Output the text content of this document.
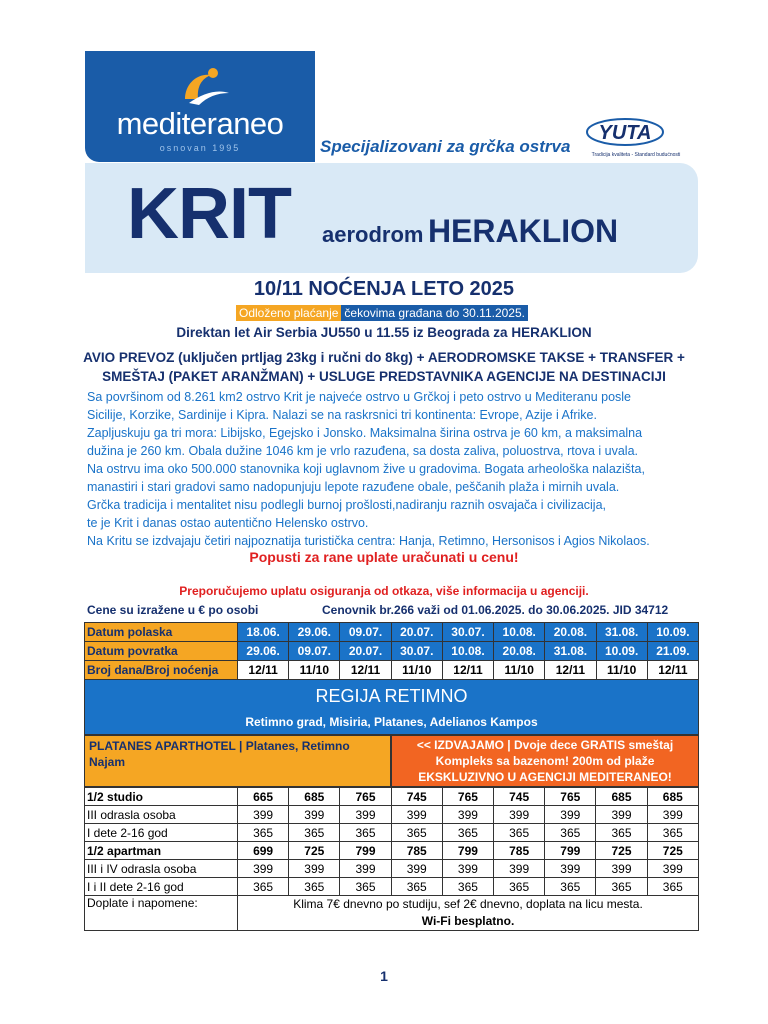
mediteraneo
osnovan 1995	Specijalizovani za grčka ostrva
YUTA
Tradicija kvaliteta - Standard budućnosti
KRIT aerodrom HERAKLION
10/11 NOĆENJA LETO 2025
Odloženo plaćanje čekovima građana do 30.11.2025.
Direktan let Air Serbia JU550 u 11.55 iz Beograda za HERAKLION
AVIO PREVOZ (uključen prtljag 23kg i ručni do 8kg) + AERODROMSKE TAKSE + TRANSFER +
SMEŠTAJ (PAKET ARANŽMAN) + USLUGE PREDSTAVNIKA AGENCIJE NA DESTINACIJI

Sa površinom od 8.261 km2 ostrvo Krit je najveće ostrvo u Grčkoj i peto ostrvo u Mediteranu posle

Sicilije, Korzike, Sardinije i Kipra. Nalazi se na raskrsnici tri kontinenta: Evrope, Azije i Afrike.

Zapljuskuju ga tri mora: Libijsko, Egejsko i Jonsko. Maksimalna širina ostrva je 60 km, a maksimalna

dužina je 260 km. Obala dužine 1046 km je vrlo razuđena, sa dosta zaliva, poluostrva, rtova i uvala.

Na ostrvu ima oko 500.000 stanovnika koji uglavnom žive u gradovima. Bogata arheološka nalazišta,

manastiri i stari gradovi samo nadopunjuju lepote razuđene obale, peščanih plaža i mirnih uvala.

Grčka tradicija i mentalitet nisu podlegli burnoj prošlosti,nadiranju raznih osvajača i civilizacija,

te je Krit i danas ostao autentično Helensko ostrvo.

Na Kritu se izdvajaju četiri najpoznatija turistička centra: Hanja, Retimno, Hersonisos i Agios Nikolaos.

Popusti za rane uplate uračunati u cenu!
Preporučujemo uplatu osiguranja od otkaza, više informacija u agenciji.
Cene su izražene u € po osobi	Cenovnik br.266 važi od 01.06.2025. do 30.06.2025. JID 34712
Datum polaska	18.06.	29.06.	09.07.	20.07.	30.07.	10.08.	20.08.	31.08.	10.09.
Datum povratka	29.06.	09.07.	20.07.	30.07.	10.08.	20.08.	31.08.	10.09.	21.09.
Broj dana/Broj noćenja	12/11	11/10	12/11	11/10	12/11	11/10	12/11	11/10	12/11
REGIJA RETIMNO
Retimno grad, Misiria, Platanes, Adelianos Kampos
PLATANES APARTHOTEL | Platanes, Retimno
Najam
<< IZDVAJAMO | Dvoje dece GRATIS smeštaj
Kompleks sa bazenom! 200m od plaže
EKSKLUZIVNO U AGENCIJI MEDITERANEO!
1/2 studio	665	685	765	745	765	745	765	685	685
III odrasla osoba	399	399	399	399	399	399	399	399	399
I dete 2-16 god	365	365	365	365	365	365	365	365	365
1/2 apartman	699	725	799	785	799	785	799	725	725
III i IV odrasla osoba	399	399	399	399	399	399	399	399	399
I i II dete 2-16 god	365	365	365	365	365	365	365	365	365
Doplate i napomene:	Klima 7€ dnevno po studiju, sef 2€ dnevno, doplata na licu mesta.
Wi-Fi besplatno.								
1
